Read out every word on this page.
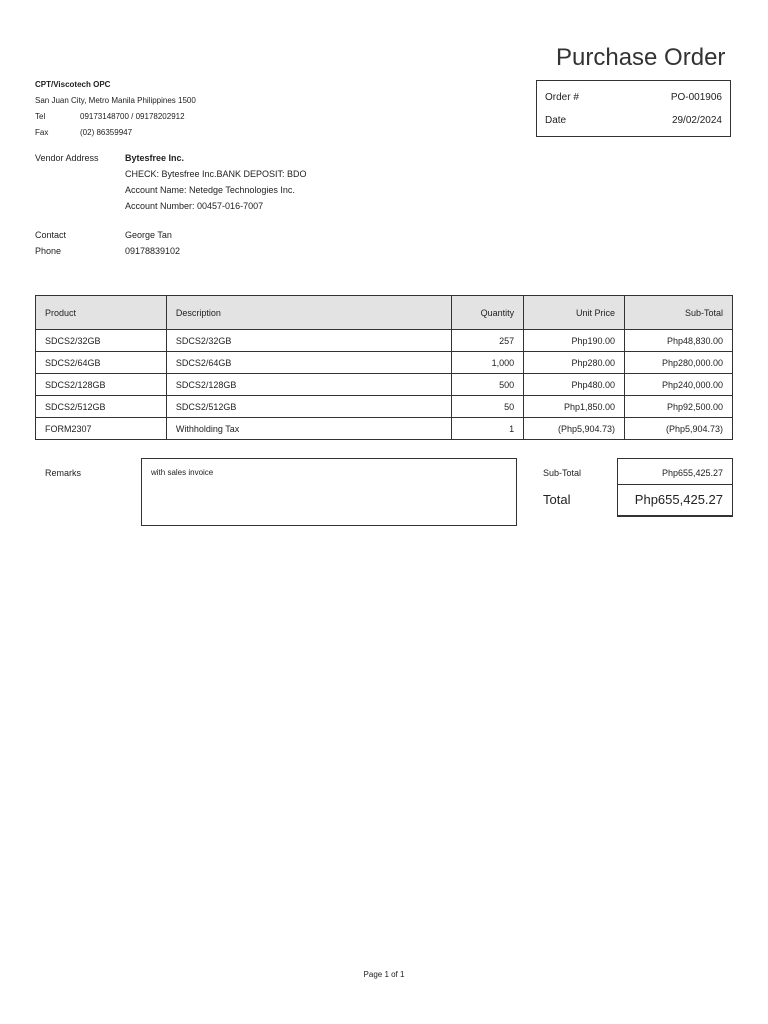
Purchase Order
CPT/Viscotech OPC
San Juan City, Metro Manila Philippines 1500
Tel	09173148700 / 09178202912
Fax	(02) 86359947
Order #	PO-001906
Date	29/02/2024
Vendor Address	Bytesfree Inc.
CHECK: Bytesfree Inc.BANK DEPOSIT: BDO
Account Name: Netedge Technologies Inc.
Account Number: 00457-016-7007
Contact	George Tan
Phone	09178839102
Product	Description	Quantity	Unit Price	Sub-Total
SDCS2/32GB	SDCS2/32GB	257	Php190.00	Php48,830.00
SDCS2/64GB	SDCS2/64GB	1,000	Php280.00	Php280,000.00
SDCS2/128GB	SDCS2/128GB	500	Php480.00	Php240,000.00
SDCS2/512GB	SDCS2/512GB	50	Php1,850.00	Php92,500.00
FORM2307	Withholding Tax	1	(Php5,904.73)	(Php5,904.73)
Remarks	with sales invoice	Sub-Total	Php655,425.27
Total	Php655,425.27
Page 1 of 1
